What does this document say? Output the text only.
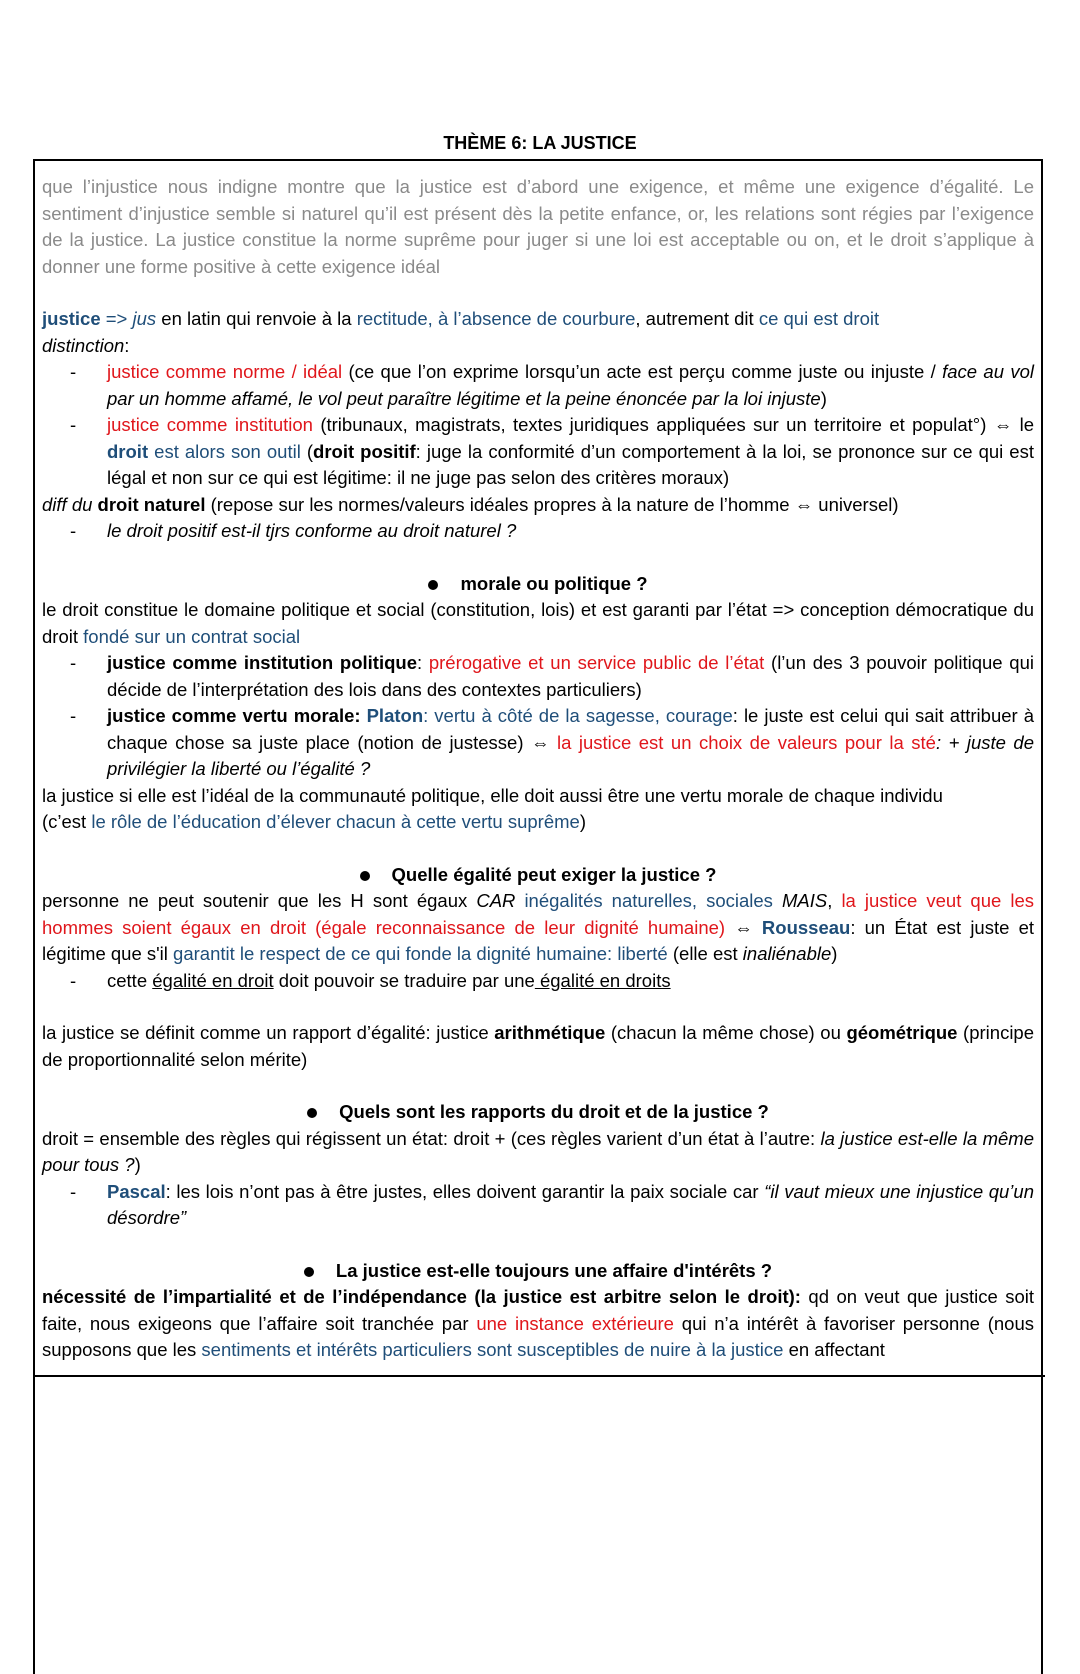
THÈME 6: LA JUSTICE

que l’injustice nous indigne montre que la justice est d’abord une exigence, et même une exigence d’égalité. Le sentiment d’injustice semble si naturel qu’il est présent dès la petite enfance, or, les relations sont régies par l’exigence de la justice. La justice constitue la norme suprême pour juger si une loi est acceptable ou on, et le droit s’applique à donner une forme positive à cette exigence idéal

justice => jus en latin qui renvoie à la rectitude, à l’absence de courbure, autrement dit ce qui est droit

distinction:

- justice comme norme / idéal (ce que l’on exprime lorsqu’un acte est perçu comme juste ou injuste / face au vol par un homme affamé, le vol peut paraître légitime et la peine énoncée par la loi injuste)
- justice comme institution (tribunaux, magistrats, textes juridiques appliquées sur un territoire et populat°) ⇔ le droit est alors son outil (droit positif: juge la conformité d’un comportement à la loi, se prononce sur ce qui est légal et non sur ce qui est légitime: il ne juge pas selon des critères moraux)

diff du droit naturel (repose sur les normes/valeurs idéales propres à la nature de l’homme ⇔ universel)

- le droit positif est-il tjrs conforme au droit naturel ?
morale ou politique ?

le droit constitue le domaine politique et social (constitution, lois) et est garanti par l’état => conception démocratique du droit fondé sur un contrat social

- justice comme institution politique: prérogative et un service public de l’état (l’un des 3 pouvoir politique qui décide de l’interprétation des lois dans des contextes particuliers)
- justice comme vertu morale: Platon: vertu à côté de la sagesse, courage: le juste est celui qui sait attribuer à chaque chose sa juste place (notion de justesse) ⇔ la justice est un choix de valeurs pour la sté: + juste de privilégier la liberté ou l’égalité ?

la justice si elle est l’idéal de la communauté politique, elle doit aussi être une vertu morale de chaque individu

(c’est le rôle de l’éducation d’élever chacun à cette vertu suprême)

Quelle égalité peut exiger la justice ?

personne ne peut soutenir que les H sont égaux CAR inégalités naturelles, sociales MAIS, la justice veut que les hommes soient égaux en droit (égale reconnaissance de leur dignité humaine) ⇔ Rousseau: un État est juste et légitime que s'il garantit le respect de ce qui fonde la dignité humaine: liberté (elle est inaliénable)

- cette égalité en droit doit pouvoir se traduire par une égalité en droits

la justice se définit comme un rapport d’égalité: justice arithmétique (chacun la même chose) ou géométrique (principe de proportionnalité selon mérite)

Quels sont les rapports du droit et de la justice ?

droit = ensemble des règles qui régissent un état: droit + (ces règles varient d’un état à l’autre: la justice est-elle la même pour tous ?)

- Pascal: les lois n’ont pas à être justes, elles doivent garantir la paix sociale car “il vaut mieux une injustice qu’un désordre”
La justice est-elle toujours une affaire d'intérêts ?

nécessité de l’impartialité et de l’indépendance (la justice est arbitre selon le droit): qd on veut que justice soit faite, nous exigeons que l’affaire soit tranchée par une instance extérieure qui n’a intérêt à favoriser personne (nous supposons que les sentiments et intérêts particuliers sont susceptibles de nuire à la justice en affectant
